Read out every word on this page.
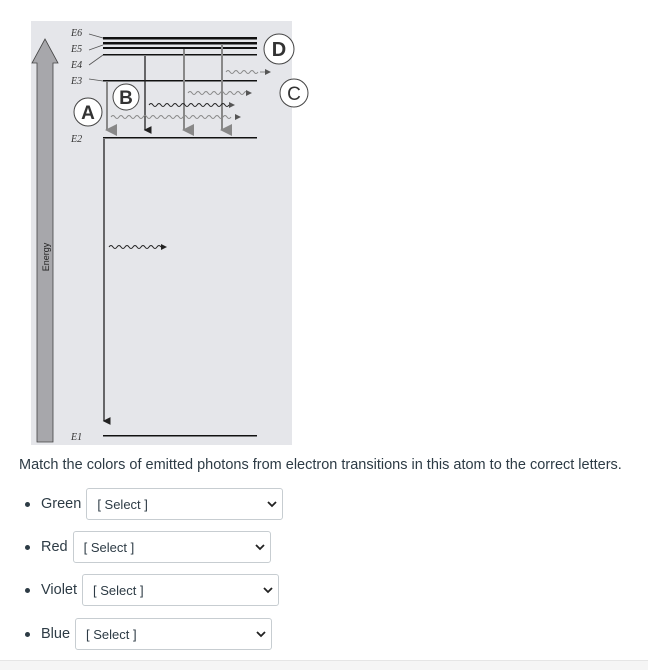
Energy
E6
E5
E4
E3
E2
E1
A
B	C
D
Match the colors of emitted photons from electron transitions in this atom to the correct letters.
Green [ Select ]
Red [ Select ]
Violet [ Select ]
Blue [ Select ]
